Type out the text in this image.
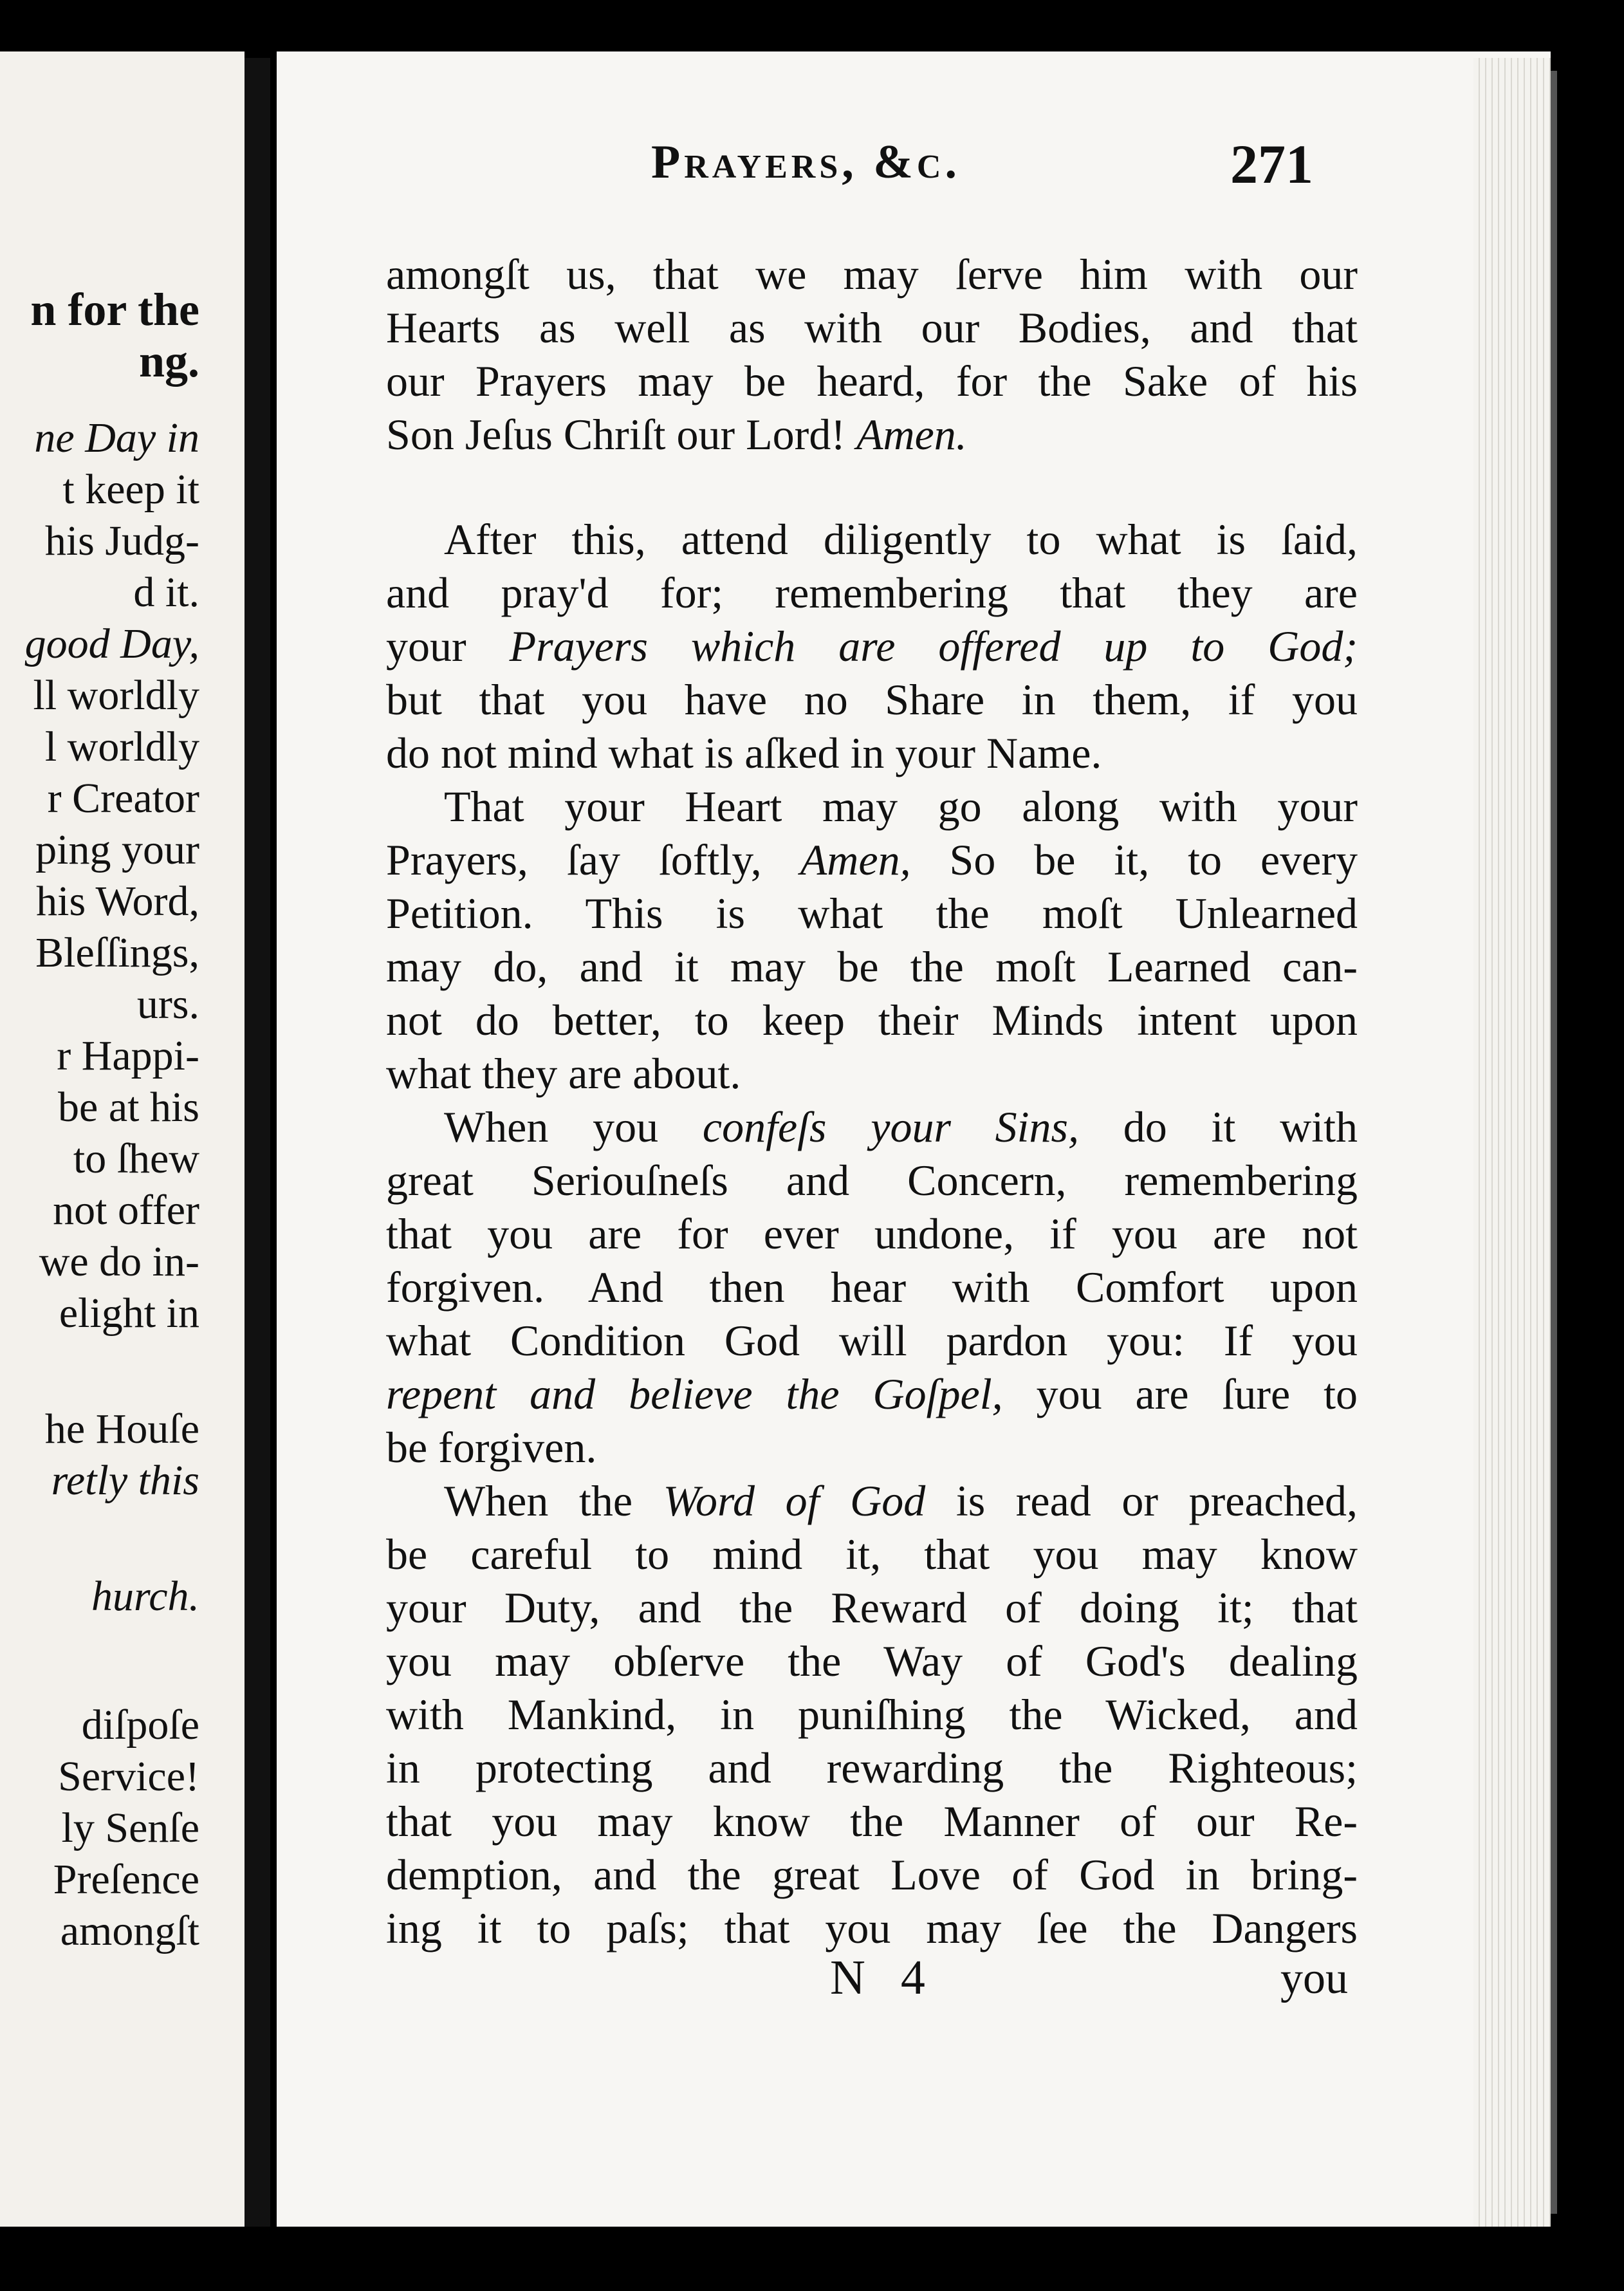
n for the
ng.
ne Day in
t keep it
his Judg-
d it.
good Day,
ll worldly
l worldly
r Creator
ping your
his Word,
Bleſſings,
urs.
r Happi-
be at his
to ſhew
not offer
we do in-
elight in
he Houſe
retly this
hurch.
diſpoſe
Service!
ly Senſe
Preſence
amongſt
Prayers, &c.	271
amongſt us, that we may ſerve him with our
Hearts as well as with our Bodies, and that
our Prayers may be heard, for the Sake of his
Son Jeſus Chriſt our Lord! Amen.
After this, attend diligently to what is ſaid,
and pray'd for; remembering that they are
your Prayers which are offered up to God;
but that you have no Share in them, if you
do not mind what is aſked in your Name.
That your Heart may go along with your
Prayers, ſay ſoftly, Amen, So be it, to every
Petition. This is what the moſt Unlearned
may do, and it may be the moſt Learned can-
not do better, to keep their Minds intent upon
what they are about.
When you confeſs your Sins, do it with
great Seriouſneſs and Concern, remembering
that you are for ever undone, if you are not
forgiven. And then hear with Comfort upon
what Condition God will pardon you: If you
repent and believe the Goſpel, you are ſure to
be forgiven.
When the Word of God is read or preached,
be careful to mind it, that you may know
your Duty, and the Reward of doing it; that
you may obſerve the Way of God's dealing
with Mankind, in puniſhing the Wicked, and
in protecting and rewarding the Righteous;
that you may know the Manner of our Re-
demption, and the great Love of God in bring-
ing it to paſs; that you may ſee the Dangers
N 4	you
